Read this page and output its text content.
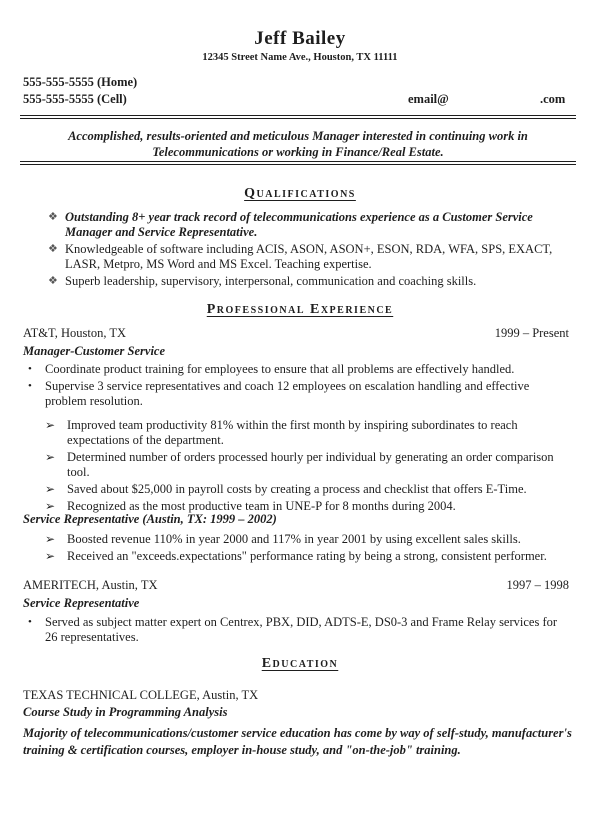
Jeff Bailey
12345 Street Name Ave., Houston, TX 11111
555-555-5555 (Home)
555-555-5555 (Cell)	email@	.com
Accomplished, results-oriented and meticulous Manager interested in continuing work in Telecommunications or working in Finance/Real Estate.
Qualifications
❖ Outstanding 8+ year track record of telecommunications experience as a Customer Service Manager and Service Representative.
❖ Knowledgeable of software including ACIS, ASON, ASON+, ESON, RDA, WFA, SPS, EXACT, LASR, Metpro, MS Word and MS Excel. Teaching expertise.
❖ Superb leadership, supervisory, interpersonal, communication and coaching skills.
Professional Experience
AT&T, Houston, TX	1999 – Present
Manager-Customer Service
• Coordinate product training for employees to ensure that all problems are effectively handled.
• Supervise 3 service representatives and coach 12 employees on escalation handling and effective problem resolution.
➢ Improved team productivity 81% within the first month by inspiring subordinates to reach expectations of the department.
➢ Determined number of orders processed hourly per individual by generating an order comparison tool.
➢ Saved about $25,000 in payroll costs by creating a process and checklist that offers E-Time.
➢ Recognized as the most productive team in UNE-P for 8 months during 2004.
Service Representative (Austin, TX: 1999 – 2002)
➢ Boosted revenue 110% in year 2000 and 117% in year 2001 by using excellent sales skills.
➢ Received an "exceeds.expectations" performance rating by being a strong, consistent performer.
AMERITECH, Austin, TX	1997 – 1998
Service Representative
• Served as subject matter expert on Centrex, PBX, DID, ADTS-E, DS0-3 and Frame Relay services for 26 representatives.
Education
TEXAS TECHNICAL COLLEGE, Austin, TX
Course Study in Programming Analysis
Majority of telecommunications/customer service education has come by way of self-study, manufacturer's training & certification courses, employer in-house study, and "on-the-job" training.
